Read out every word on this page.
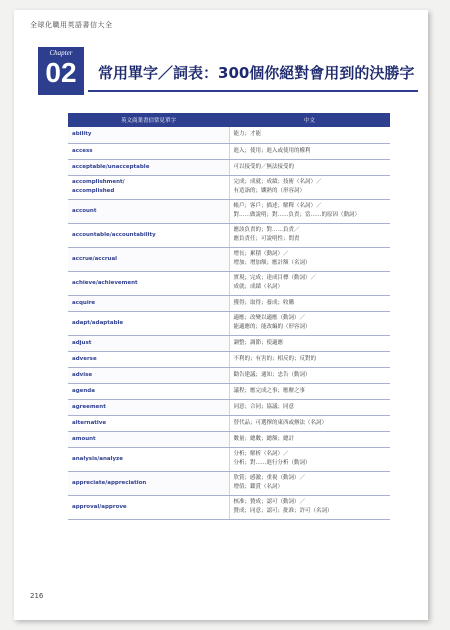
全球化職用英語書信大全
Chapter
02	常用單字／詞表：300個你絕對會用到的決勝字
英文商業書信常見單字	中文
ability	能力；才能
access	進入；使用；進入或使用的權利
acceptable/unacceptable	可以接受的／無法接受的
accomplishment/
accomplished	完成；成就；成績；技術（名詞）／
有造詣的；嫻熟的（形容詞）
account	帳戶；客戶；描述；解釋（名詞）／
對……做說明；對……負責；當……的原因（動詞）
accountable/accountability	應該負責的；對……負責／
應負責任；可說明性；問責
accrue/accrual	增長；累積（動詞）／
增加；增加額；應計額（名詞）
achieve/achievement	實現；完成；達成目標（動詞）／
成就；成績（名詞）
acquire	獲得；取得；養成；收購
adapt/adaptable	適應；改變以適應（動詞）／
能適應的；能改編的（形容詞）
adjust	調整；調節；使適應
adverse	不利的；有害的；相反的；反對的
advise	勸告建議；通知；忠告（動詞）
agenda	議程；應完成之事；應辦之事
agreement	同意；合同；協議；同意
alternative	替代品；可選擇的東西或辦法（名詞）
amount	數量；總數；總額；總計
analysis/analyze	分析；解析（名詞）／
分析；對……進行分析（動詞）
appreciate/appreciation	欣賞；感激；重視（動詞）／
增值；鑑賞（名詞）
approval/approve	核准；贊成；認可（動詞）／
贊成；同意；認可；批准；許可（名詞）
216
